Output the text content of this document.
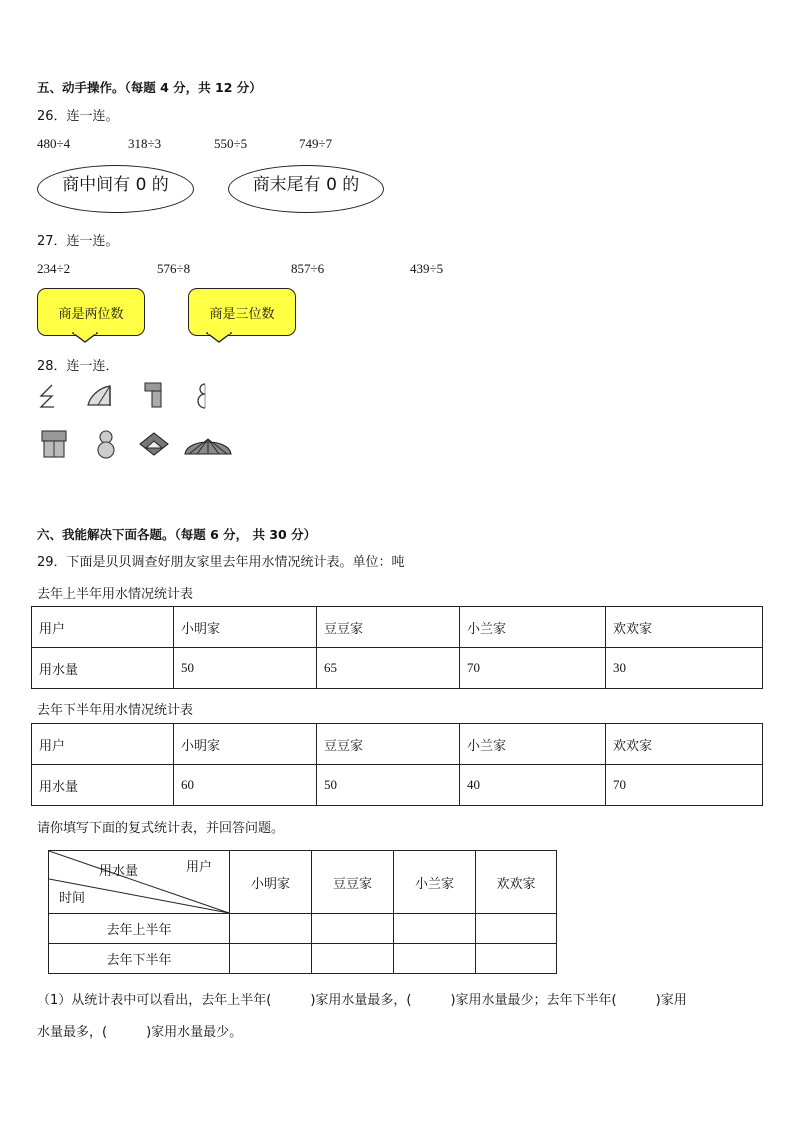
五、动手操作。（每题 4 分，共 12 分）
26．连一连。
480÷4	318÷3	550÷5	749÷7
商中间有 0 的	商末尾有 0 的
27．连一连。
234÷2	576÷8	857÷6	439÷5
商是两位数	商是三位数
28．连一连．
六、我能解决下面各题。（每题 6 分， 共 30 分）
29．下面是贝贝调查好朋友家里去年用水情况统计表。单位：吨
去年上半年用水情况统计表
用户	小明家	豆豆家	小兰家	欢欢家
用水量	50	65	70	30
去年下半年用水情况统计表
用户	小明家	豆豆家	小兰家	欢欢家
用水量	60	50	40	70
请你填写下面的复式统计表，并回答问题。
用户
用水量
时间	小明家	豆豆家	小兰家	欢欢家
去年上半年				
去年下半年				
（1）从统计表中可以看出，去年上半年(　　　)家用水量最多，(　　　)家用水量最少；去年下半年(　　　)家用
水量最多，(　　　)家用水量最少。
